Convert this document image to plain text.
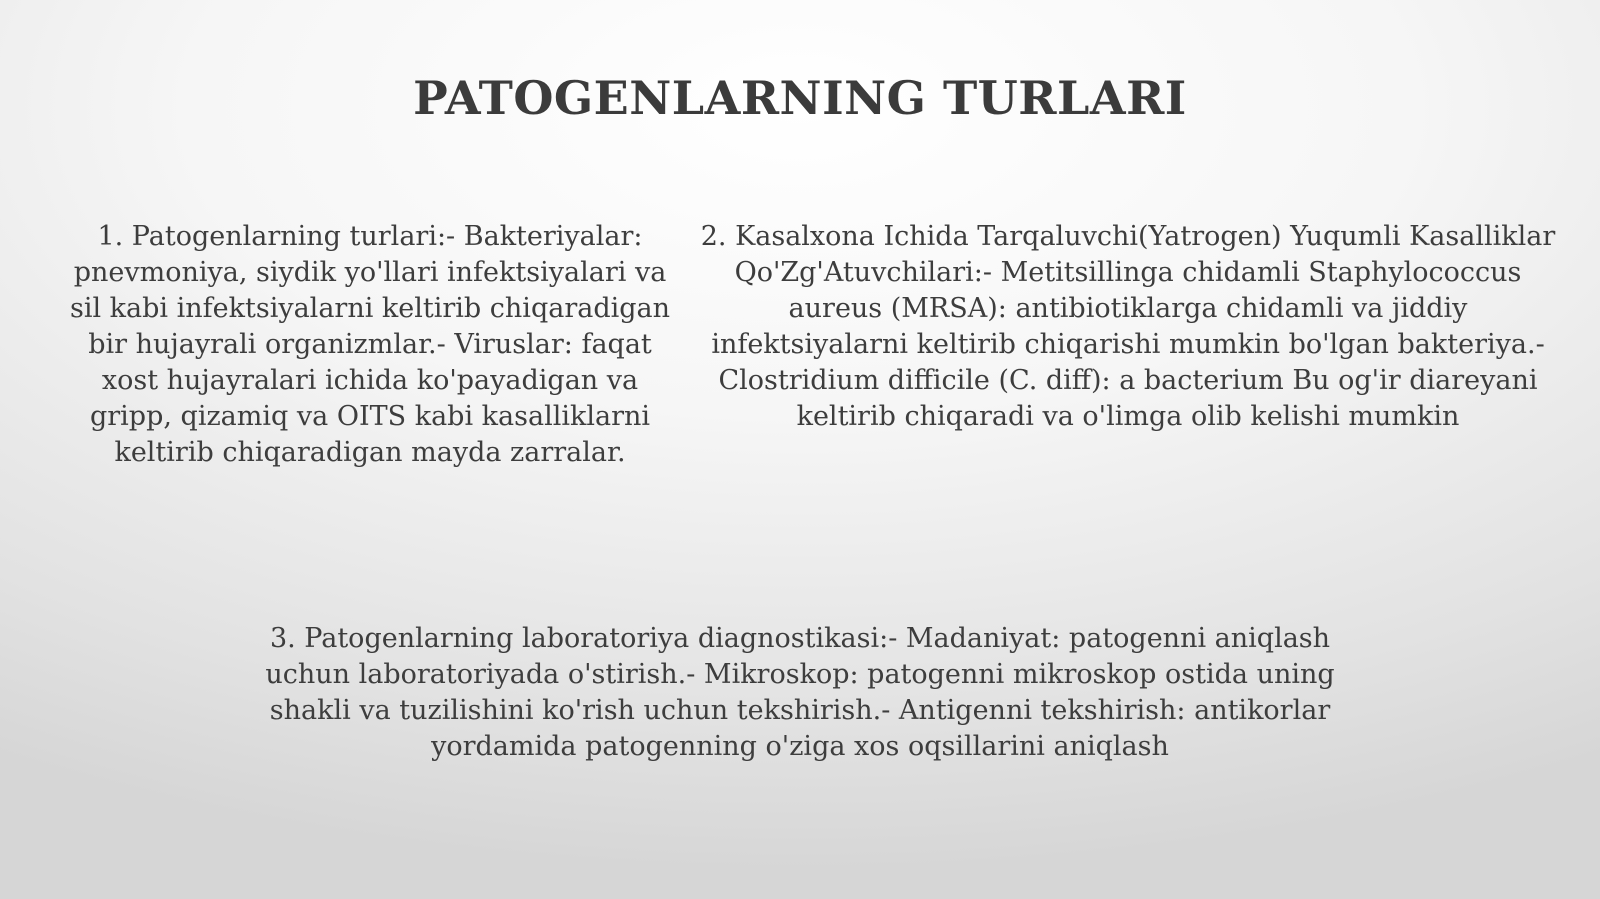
PATOGENLARNING TURLARI

1. Patogenlarning turlari:- Bakteriyalar: pnevmoniya, siydik yo'llari infektsiyalari va sil kabi infektsiyalarni keltirib chiqaradigan bir hujayrali organizmlar.- Viruslar: faqat xost hujayralari ichida ko'payadigan va gripp, qizamiq va OITS kabi kasalliklarni keltirib chiqaradigan mayda zarralar.

2. Kasalxona Ichida Tarqaluvchi(Yatrogen) Yuqumli Kasalliklar Qo'Zg'Atuvchilari:- Metitsillinga chidamli Staphylococcus aureus (MRSA): antibiotiklarga chidamli va jiddiy infektsiyalarni keltirib chiqarishi mumkin bo'lgan bakteriya.- Clostridium difficile (C. diff): a bacterium Bu og'ir diareyani keltirib chiqaradi va o'limga olib kelishi mumkin

3. Patogenlarning laboratoriya diagnostikasi:- Madaniyat: patogenni aniqlash uchun laboratoriyada o'stirish.- Mikroskop: patogenni mikroskop ostida uning shakli va tuzilishini ko'rish uchun tekshirish.- Antigenni tekshirish: antikorlar yordamida patogenning o'ziga xos oqsillarini aniqlash
